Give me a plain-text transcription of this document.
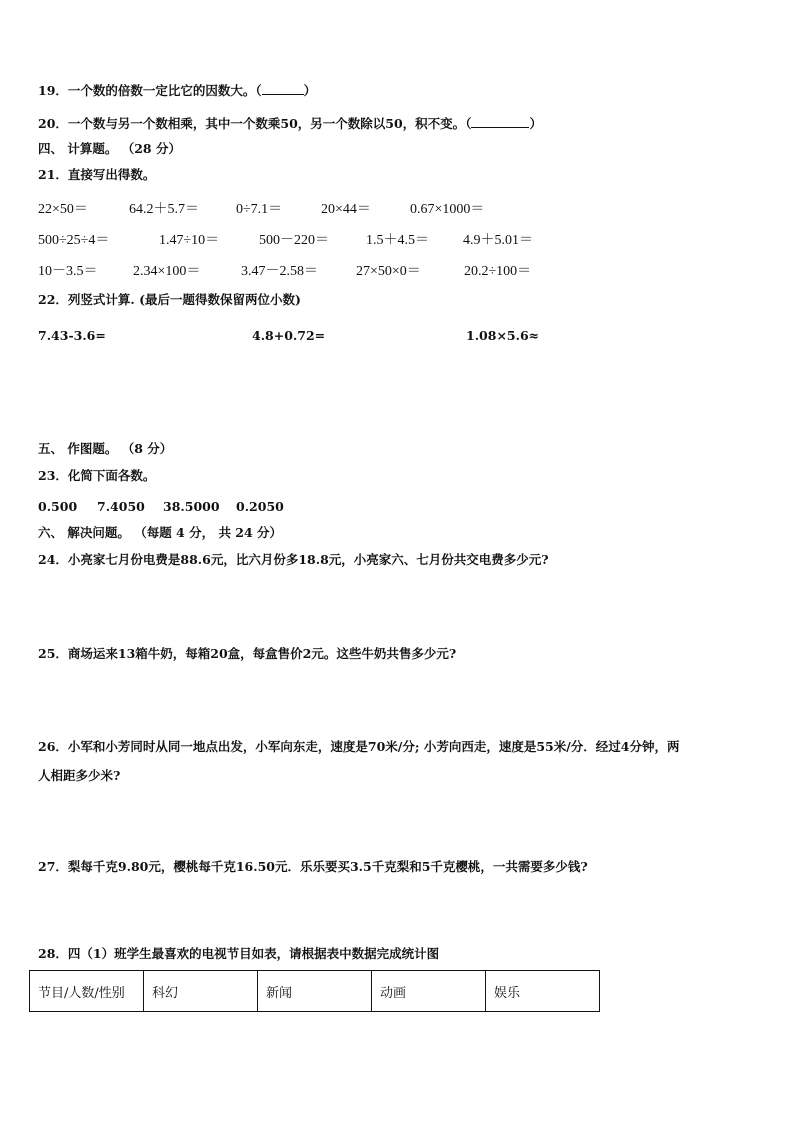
19．一个数的倍数一定比它的因数大。（	）
20．一个数与另一个数相乘，其中一个数乘50，另一个数除以50，积不变。（	）
四、 计算题。 （28 分）
21．直接写出得数。
22×50＝	64.2＋5.7＝	0÷7.1＝	20×44＝	0.67×1000＝
500÷25÷4＝	1.47÷10＝	500－220＝	1.5＋4.5＝ 4.9＋5.01＝
10－3.5＝	2.34×100＝	3.47－2.58＝	27×50×0＝	20.2÷100＝
22．列竖式计算. (最后一题得数保留两位小数)
7.43-3.6=	4.8+0.72=	1.08×5.6≈
五、 作图题。 （8 分）
23．化简下面各数。
0.500 7.4050 38.5000 0.2050
六、 解决问题。 （每题 4 分， 共 24 分）
24．小亮家七月份电费是88.6元，比六月份多18.8元，小亮家六、七月份共交电费多少元?
25．商场运来13箱牛奶，每箱20盒，每盒售价2元。这些牛奶共售多少元?
26．小军和小芳同时从同一地点出发，小军向东走，速度是70米/分; 小芳向西走，速度是55米/分．经过4分钟，两
人相距多少米?
27．梨每千克9.80元，樱桃每千克16.50元．乐乐要买3.5千克梨和5千克樱桃，一共需要多少钱?
28．四（1）班学生最喜欢的电视节目如表，请根据表中数据完成统计图
节目/人数/性别	科幻	新闻	动画	娱乐
